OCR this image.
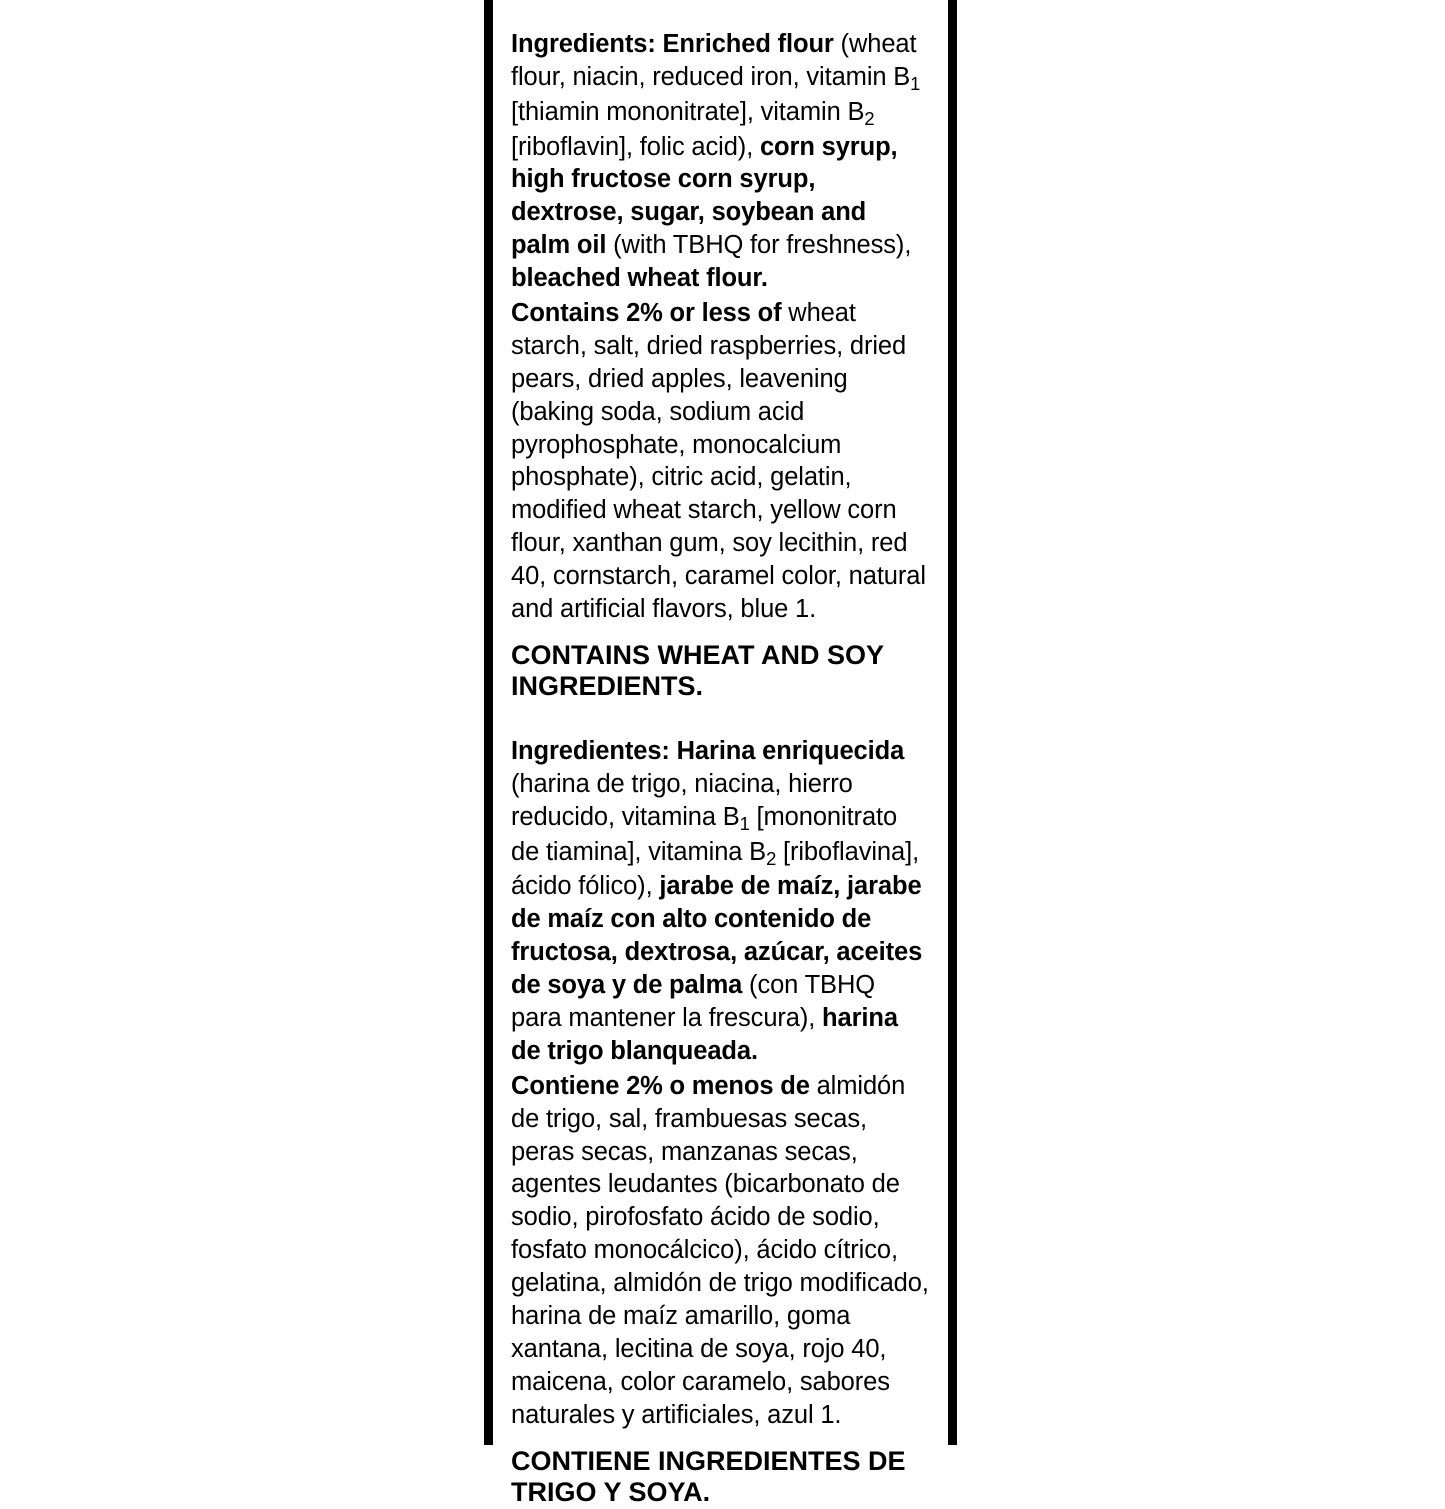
Ingredients: Enriched flour (wheat flour, niacin, reduced iron, vitamin $B_1$ [thiamin mononitrate], vitamin $B_2$ [riboflavin], folic acid), corn syrup, high fructose corn syrup, dextrose, sugar, soybean and palm oil (with TBHQ for freshness), bleached wheat flour.
Contains 2% or less of wheat starch, salt, dried raspberries, dried pears, dried apples, leavening (baking soda, sodium acid pyrophosphate, monocalcium phosphate), citric acid, gelatin, modified wheat starch, yellow corn flour, xanthan gum, soy lecithin, red 40, cornstarch, caramel color, natural and artificial flavors, blue 1.
CONTAINS WHEAT AND SOY INGREDIENTS.
Ingredientes: Harina enriquecida (harina de trigo, niacina, hierro reducido, vitamina $B_1$ [mononitrato de tiamina], vitamina $B_2$ [riboflavina], ácido fólico), jarabe de maíz, jarabe de maíz con alto contenido de fructosa, dextrosa, azúcar, aceites de soya y de palma (con TBHQ para mantener la frescura), harina de trigo blanqueada.
Contiene 2% o menos de almidón de trigo, sal, frambuesas secas, peras secas, manzanas secas, agentes leudantes (bicarbonato de sodio, pirofosfato ácido de sodio, fosfato monocálcico), ácido cítrico, gelatina, almidón de trigo modificado, harina de maíz amarillo, goma xantana, lecitina de soya, rojo 40, maicena, color caramelo, sabores naturales y artificiales, azul 1.
CONTIENE INGREDIENTES DE TRIGO Y SOYA.
